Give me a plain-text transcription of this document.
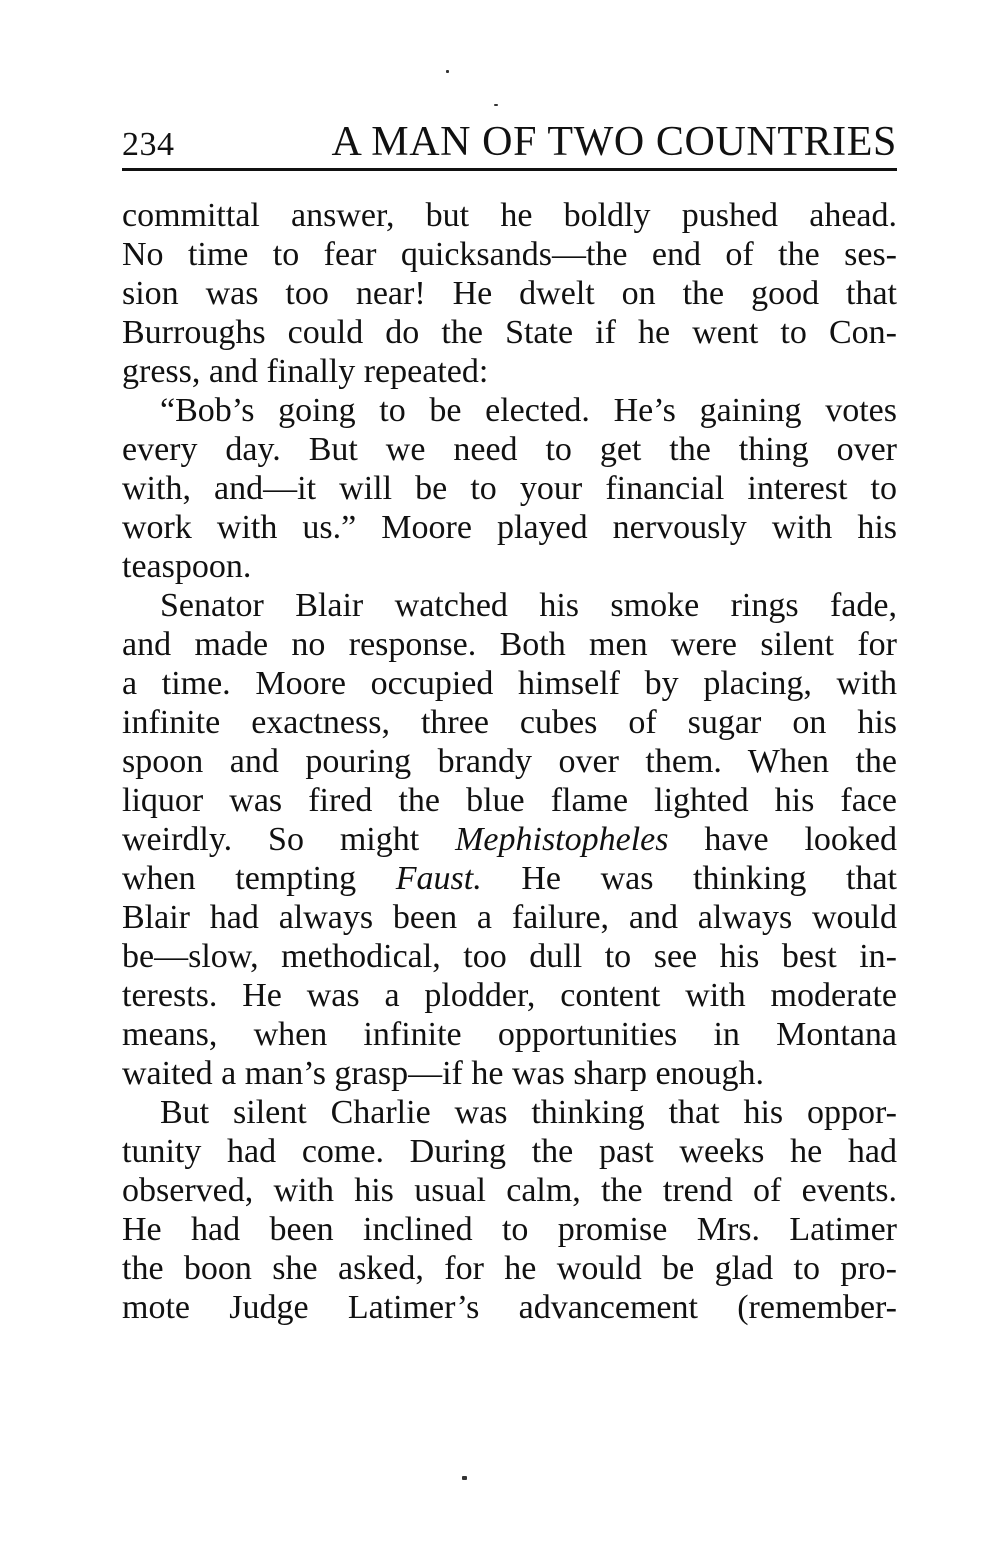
234	A MAN OF TWO COUNTRIES
committal answer, but he boldly pushed ahead.
No time to fear quicksands—the end of the ses-
sion was too near! He dwelt on the good that
Burroughs could do the State if he went to Con-
gress, and finally repeated:
“Bob’s going to be elected. He’s gaining votes
every day. But we need to get the thing over
with, and—it will be to your financial interest to
work with us.” Moore played nervously with his
teaspoon.
Senator Blair watched his smoke rings fade,
and made no response. Both men were silent for
a time. Moore occupied himself by placing, with
infinite exactness, three cubes of sugar on his
spoon and pouring brandy over them. When the
liquor was fired the blue flame lighted his face
weirdly. So might Mephistopheles have looked
when tempting Faust. He was thinking that
Blair had always been a failure, and always would
be—slow, methodical, too dull to see his best in-
terests. He was a plodder, content with moderate
means, when infinite opportunities in Montana
waited a man’s grasp—if he was sharp enough.
But silent Charlie was thinking that his oppor-
tunity had come. During the past weeks he had
observed, with his usual calm, the trend of events.
He had been inclined to promise Mrs. Latimer
the boon she asked, for he would be glad to pro-
mote Judge Latimer’s advancement (remember-
